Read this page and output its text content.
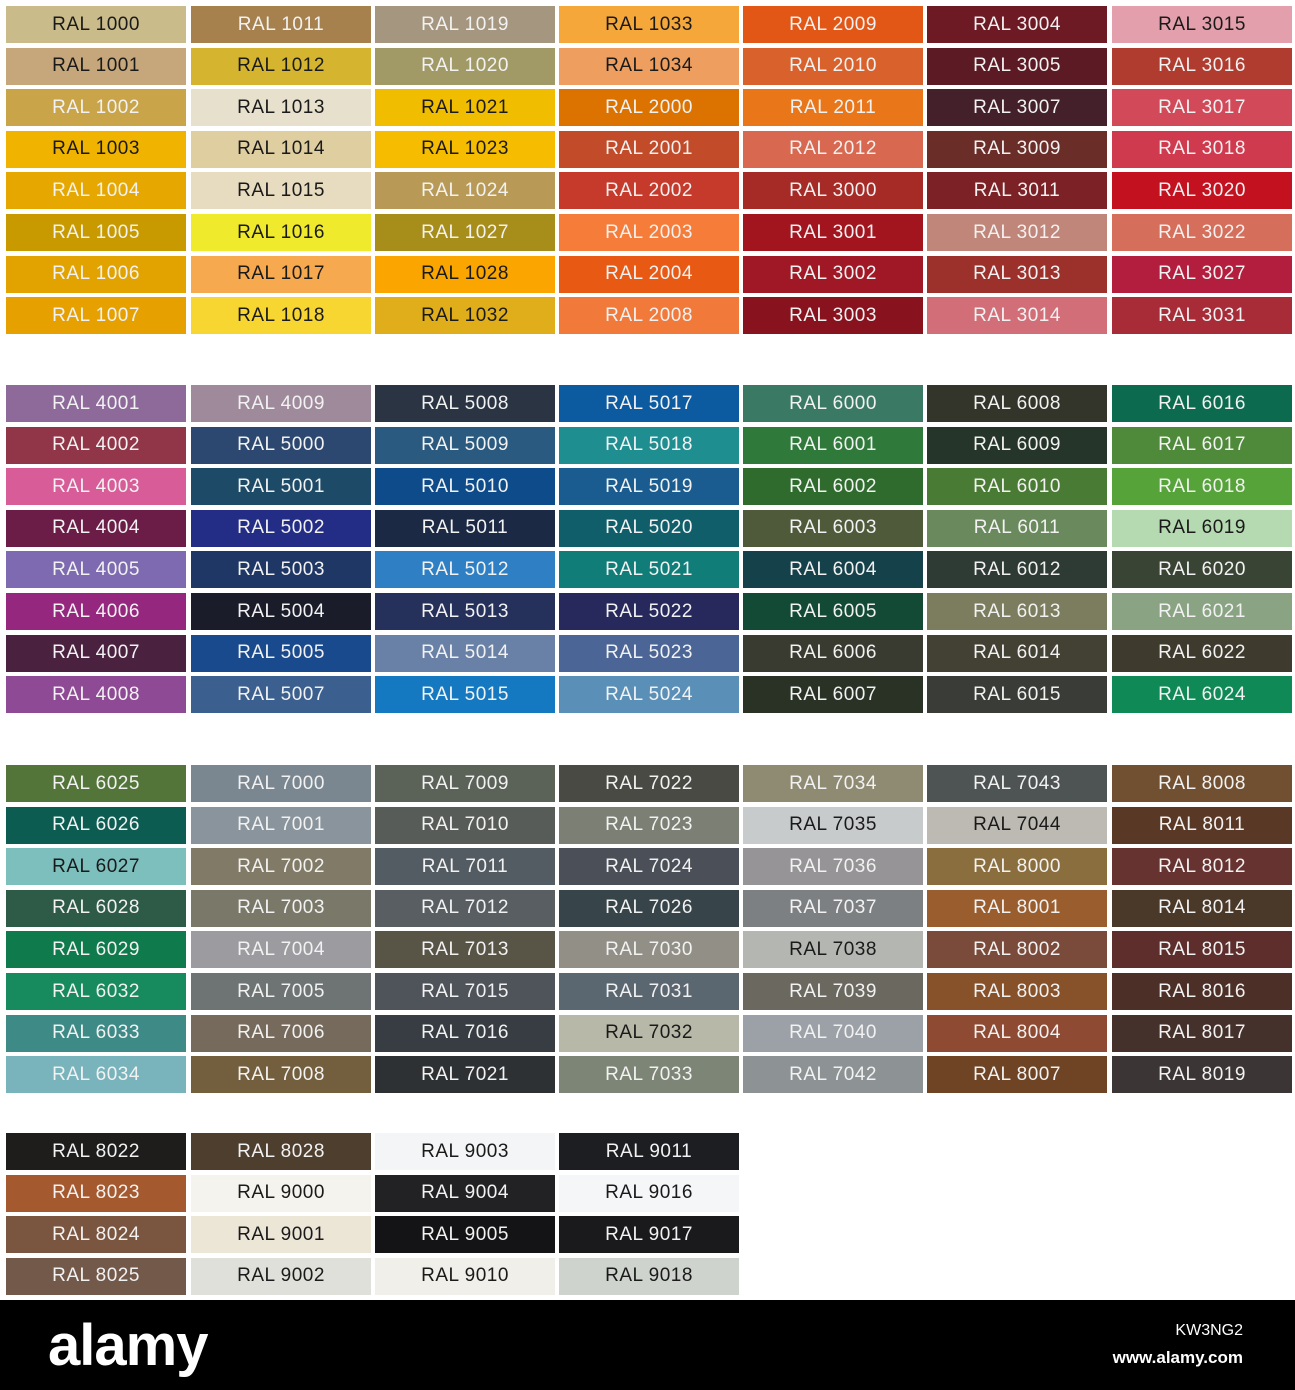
RAL 1000
RAL 1001
RAL 1002
RAL 1003
RAL 1004
RAL 1005
RAL 1006
RAL 1007
RAL 1011
RAL 1012
RAL 1013
RAL 1014
RAL 1015
RAL 1016
RAL 1017
RAL 1018
RAL 1019
RAL 1020
RAL 1021
RAL 1023
RAL 1024
RAL 1027
RAL 1028
RAL 1032
RAL 1033
RAL 1034
RAL 2000
RAL 2001
RAL 2002
RAL 2003
RAL 2004
RAL 2008
RAL 2009
RAL 2010
RAL 2011
RAL 2012
RAL 3000
RAL 3001
RAL 3002
RAL 3003
RAL 3004
RAL 3005
RAL 3007
RAL 3009
RAL 3011
RAL 3012
RAL 3013
RAL 3014
RAL 3015
RAL 3016
RAL 3017
RAL 3018
RAL 3020
RAL 3022
RAL 3027
RAL 3031
RAL 4001
RAL 4002
RAL 4003
RAL 4004
RAL 4005
RAL 4006
RAL 4007
RAL 4008
RAL 4009
RAL 5000
RAL 5001
RAL 5002
RAL 5003
RAL 5004
RAL 5005
RAL 5007
RAL 5008
RAL 5009
RAL 5010
RAL 5011
RAL 5012
RAL 5013
RAL 5014
RAL 5015
RAL 5017
RAL 5018
RAL 5019
RAL 5020
RAL 5021
RAL 5022
RAL 5023
RAL 5024
RAL 6000
RAL 6001
RAL 6002
RAL 6003
RAL 6004
RAL 6005
RAL 6006
RAL 6007
RAL 6008
RAL 6009
RAL 6010
RAL 6011
RAL 6012
RAL 6013
RAL 6014
RAL 6015
RAL 6016
RAL 6017
RAL 6018
RAL 6019
RAL 6020
RAL 6021
RAL 6022
RAL 6024
RAL 6025
RAL 6026
RAL 6027
RAL 6028
RAL 6029
RAL 6032
RAL 6033
RAL 6034
RAL 7000
RAL 7001
RAL 7002
RAL 7003
RAL 7004
RAL 7005
RAL 7006
RAL 7008
RAL 7009
RAL 7010
RAL 7011
RAL 7012
RAL 7013
RAL 7015
RAL 7016
RAL 7021
RAL 7022
RAL 7023
RAL 7024
RAL 7026
RAL 7030
RAL 7031
RAL 7032
RAL 7033
RAL 7034
RAL 7035
RAL 7036
RAL 7037
RAL 7038
RAL 7039
RAL 7040
RAL 7042
RAL 7043
RAL 7044
RAL 8000
RAL 8001
RAL 8002
RAL 8003
RAL 8004
RAL 8007
RAL 8008
RAL 8011
RAL 8012
RAL 8014
RAL 8015
RAL 8016
RAL 8017
RAL 8019
RAL 8022
RAL 8023
RAL 8024
RAL 8025
RAL 8028
RAL 9000
RAL 9001
RAL 9002
RAL 9003
RAL 9004
RAL 9005
RAL 9010
RAL 9011
RAL 9016
RAL 9017
RAL 9018
alamy	KW3NG2
www.alamy.com
